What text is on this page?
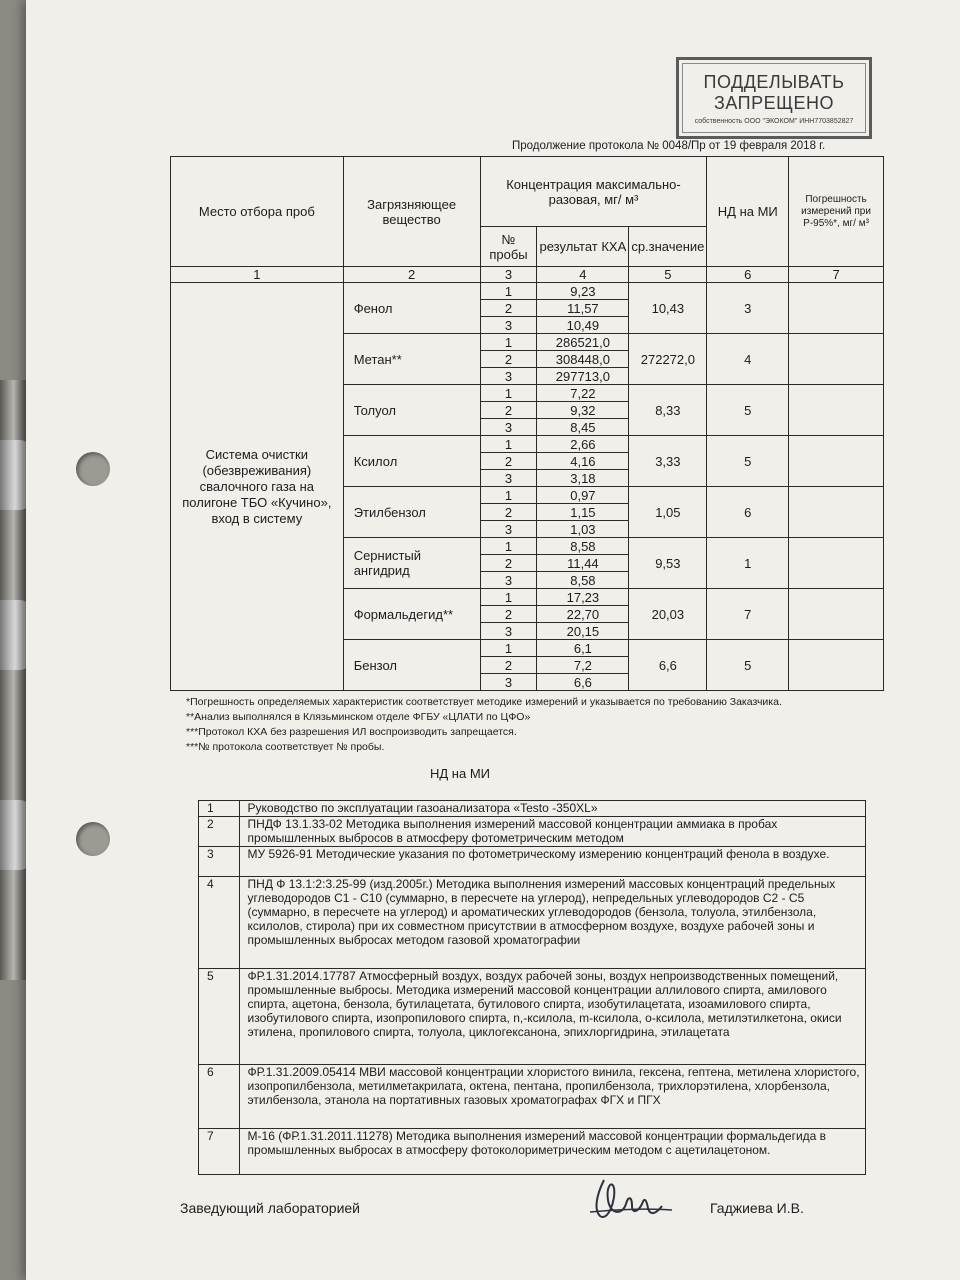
ПОДДЕЛЫВАТЬ
ЗАПРЕЩЕНО
собственность ООО "ЭКОКОМ" ИНН7703852827
Продолжение протокола № 0048/Пр от 19 февраля 2018 г.
Место отбора проб	Загрязняющее вещество	Концентрация максимально-разовая, мг/ м³			НД на МИ	Погрешность измерений при Р-95%*, мг/ м³
		№ пробы	результат КХА	ср.значение		
1	2	3	4	5	6	7
Система очистки (обезвреживания) свалочного газа на полигоне ТБО «Кучино», вход в систему	Фенол	1	9,23	10,43	3	
		2	11,57			
		3	10,49			
	Метан**	1	286521,0	272272,0	4	
		2	308448,0			
		3	297713,0			
	Толуол	1	7,22	8,33	5	
		2	9,32			
		3	8,45			
	Ксилол	1	2,66	3,33	5	
		2	4,16			
		3	3,18			
	Этилбензол	1	0,97	1,05	6	
		2	1,15			
		3	1,03			
	Сернистый ангидрид	1	8,58	9,53	1	
		2	11,44			
		3	8,58			
	Формальдегид**	1	17,23	20,03	7	
		2	22,70			
		3	20,15			
	Бензол	1	6,1	6,6	5	
		2	7,2			
		3	6,6			
*Погрешность определяемых характеристик соответствует методике измерений и указывается по требованию Заказчика.
**Анализ выполнялся в Клязьминском отделе ФГБУ «ЦЛАТИ по ЦФО»
***Протокол КХА без разрешения ИЛ воспроизводить запрещается.
***№ протокола соответствует № пробы.
НД на МИ
1	Руководство по эксплуатации газоанализатора «Testo -350XL»
2	ПНДФ 13.1.33-02 Методика выполнения измерений массовой концентрации аммиака в пробах промышленных выбросов в атмосферу фотометрическим методом
3	МУ 5926-91 Методические указания по фотометрическому измерению концентраций фенола в воздухе.
4	ПНД Ф 13.1:2:3.25-99 (изд.2005г.) Методика выполнения измерений массовых концентраций предельных углеводородов С1 - С10 (суммарно, в пересчете на углерод), непредельных углеводородов С2 - С5 (суммарно, в пересчете на углерод) и ароматических углеводородов (бензола, толуола, этилбензола, ксилолов, стирола) при их совместном присутствии в атмосферном воздухе, воздухе рабочей зоны и промышленных выбросах методом газовой хроматографии
5	ФР.1.31.2014.17787 Атмосферный воздух, воздух рабочей зоны, воздух непроизводственных помещений, промышленные выбросы. Методика измерений массовой концентрации аллилового спирта, амилового спирта, ацетона, бензола, бутилацетата, бутилового спирта, изобутилацетата, изоамилового спирта, изобутилового спирта, изопропилового спирта, n,-ксилола, m-ксилола, о-ксилола, метилэтилкетона, окиси этилена, пропилового спирта, толуола, циклогексанона, эпихлоргидрина, этилацетата
6	ФР.1.31.2009.05414 МВИ массовой концентрации хлористого винила, гексена, гептена, метилена хлористого, изопропилбензола, метилметакрилата, октена, пентана, пропилбензола, трихлорэтилена, хлорбензола, этилбензола, этанола на портативных газовых хроматографах ФГХ и ПГХ
7	М-16 (ФР.1.31.2011.11278) Методика выполнения измерений массовой концентрации формальдегида в промышленных выбросах в атмосферу фотоколориметрическим методом с ацетилацетоном.
Заведующий лабораторией	Гаджиева И.В.
